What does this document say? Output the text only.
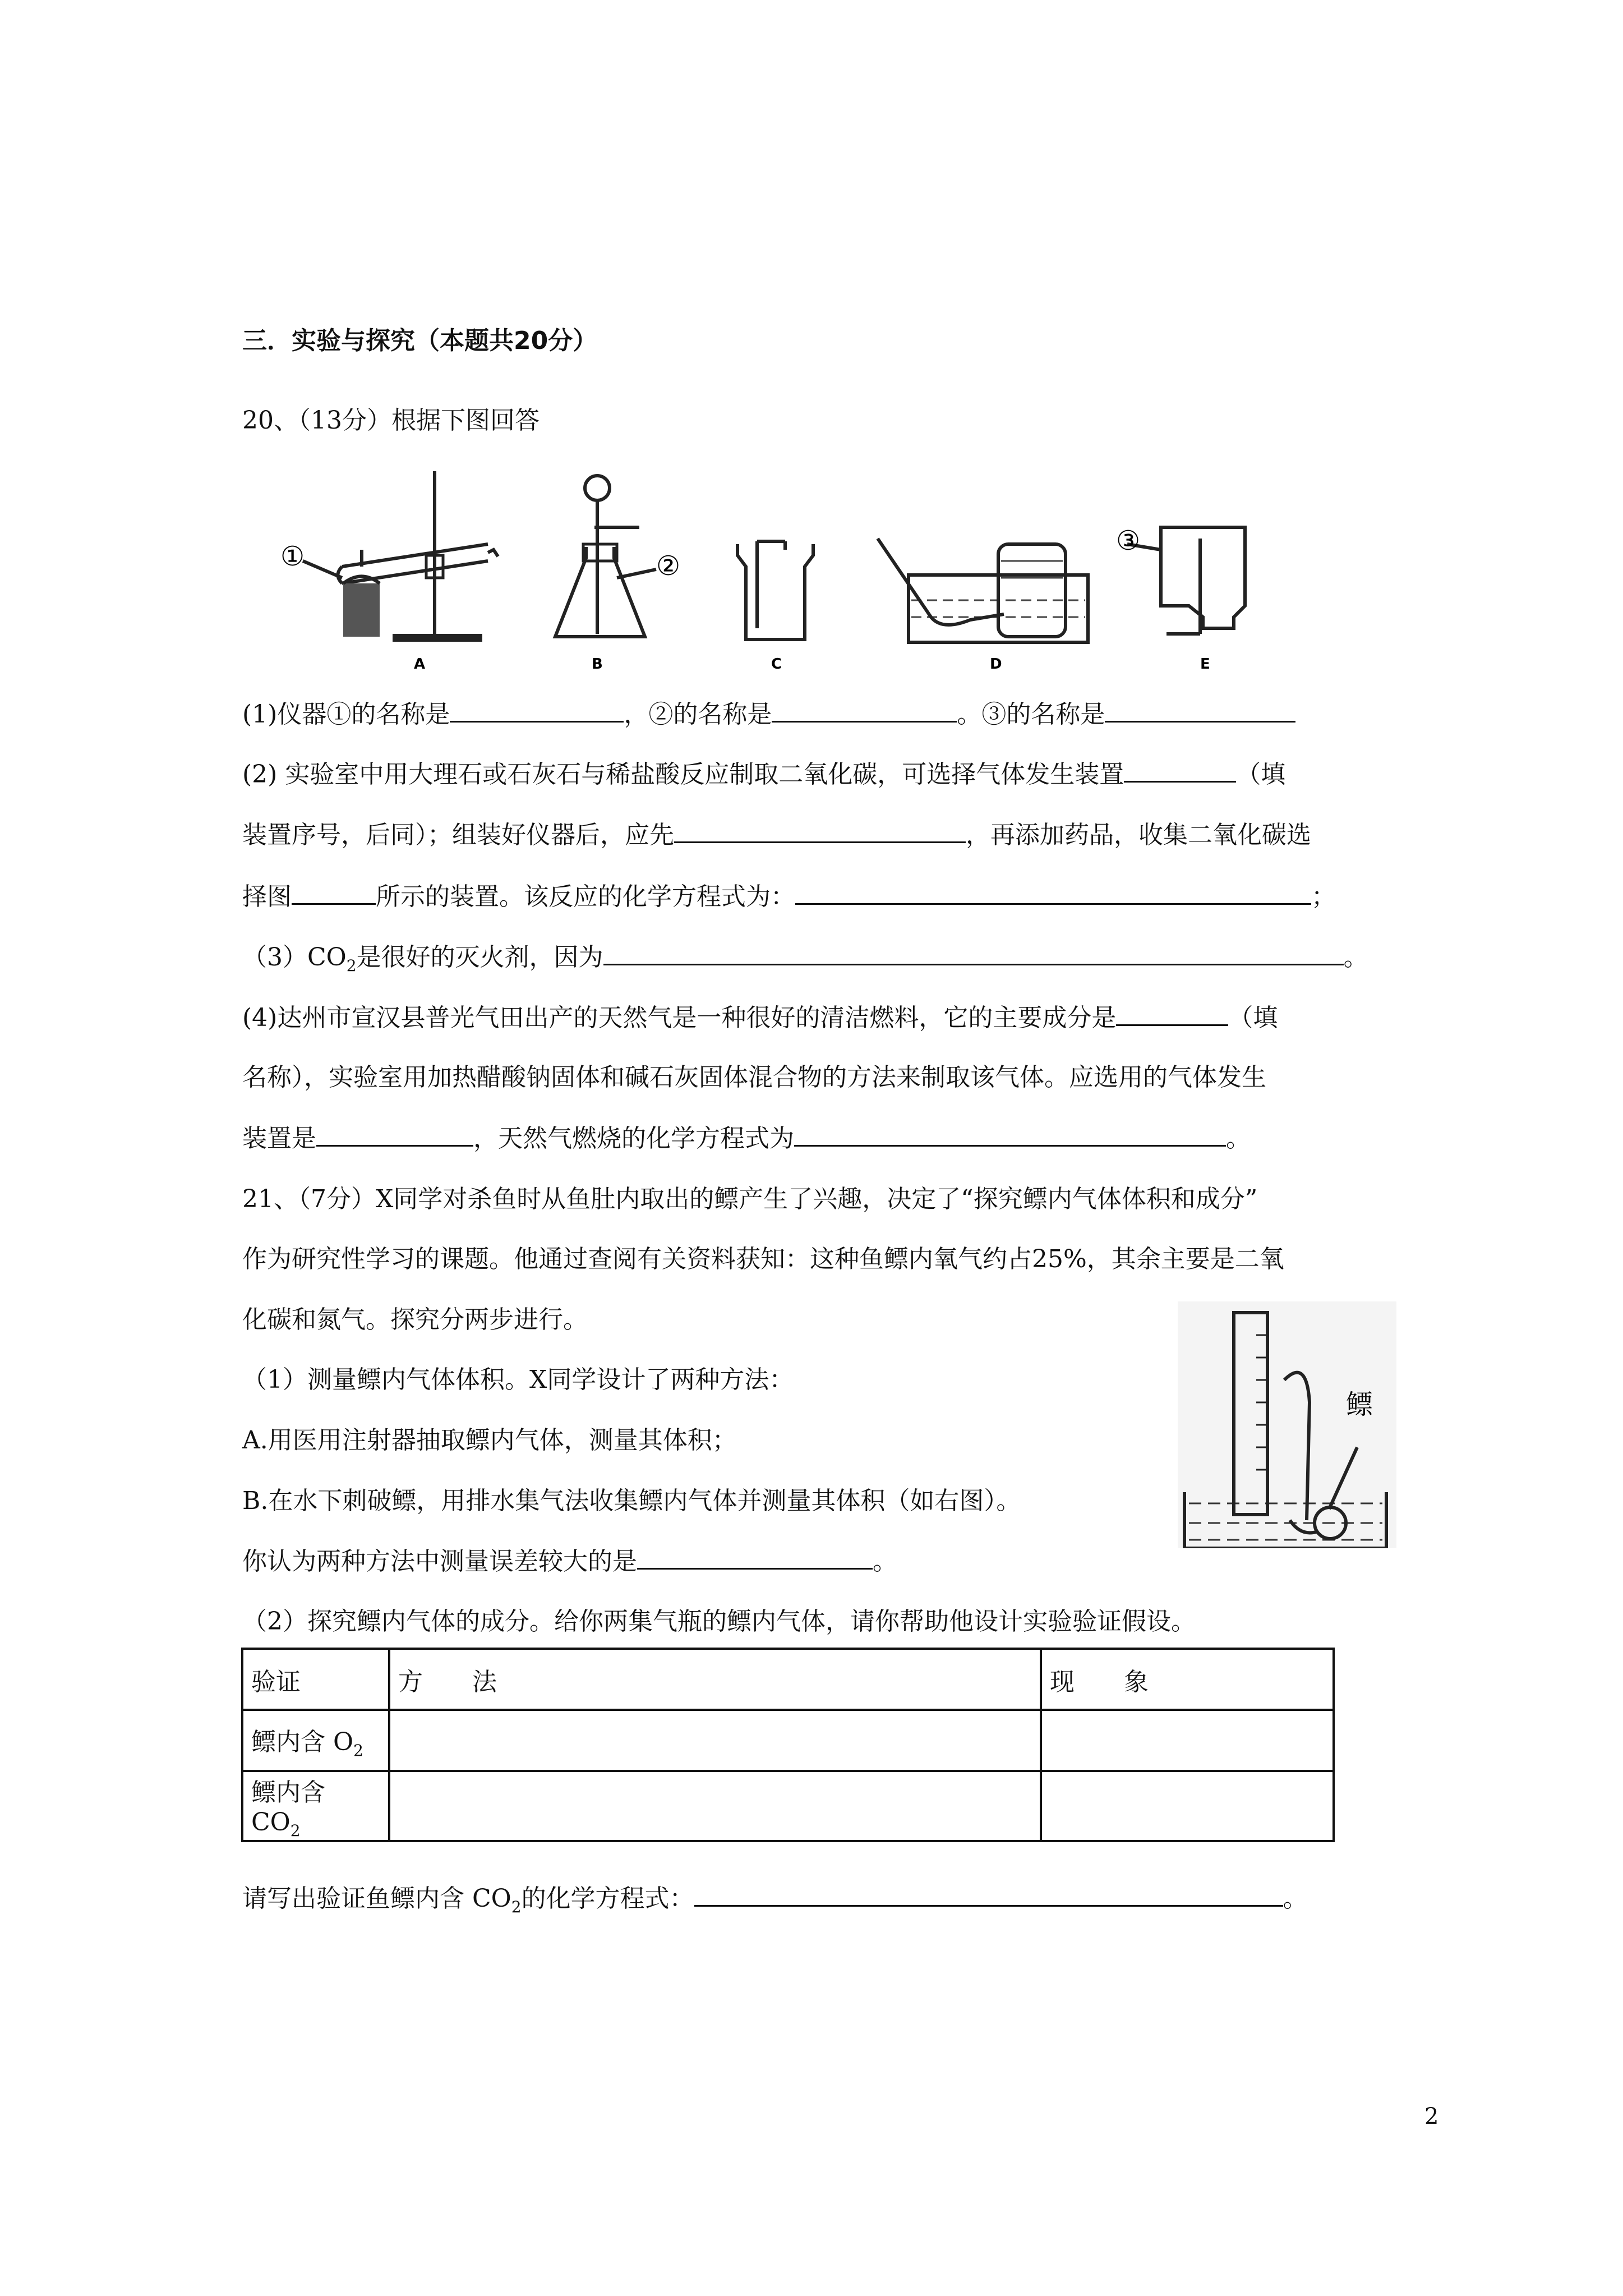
三．实验与探究（本题共20分）
20、（13分）根据下图回答
①	②
③
A	B	C	D	E
(1)仪器①的名称是	，②的名称是	。③的名称是
(2) 实验室中用大理石或石灰石与稀盐酸反应制取二氧化碳，可选择气体发生装置	（填
装置序号，后同）；组装好仪器后，应先	，再添加药品，收集二氧化碳选
择图	所示的装置。该反应的化学方程式为：	；
$(3)CO_2$是很好的灭火剂，因为	。
(4)达州市宣汉县普光气田出产的天然气是一种很好的清洁燃料，它的主要成分是	（填
名称），实验室用加热醋酸钠固体和碱石灰固体混合物的方法来制取该气体。应选用的气体发生
装置是	，天然气燃烧的化学方程式为	。
21、（7分）X同学对杀鱼时从鱼肚内取出的鳔产生了兴趣，决定了“探究鳔内气体体积和成分”
作为研究性学习的课题。他通过查阅有关资料获知：这种鱼鳔内氧气约占25%，其余主要是二氧
化碳和氮气。探究分两步进行。
（1）测量鳔内气体体积。X同学设计了两种方法：
A.用医用注射器抽取鳔内气体，测量其体积；
B.在水下刺破鳔，用排水集气法收集鳔内气体并测量其体积（如右图）。
你认为两种方法中测量误差较大的是	。
鳔
（2）探究鳔内气体的成分。给你两集气瓶的鳔内气体，请你帮助他设计实验验证假设。
验证	方　　法	现　　象
鳔内含 $O_2$		
鳔内含 $CO_2$		
请写出验证鱼鳔内含 $CO_2$的化学方程式：	。
2
